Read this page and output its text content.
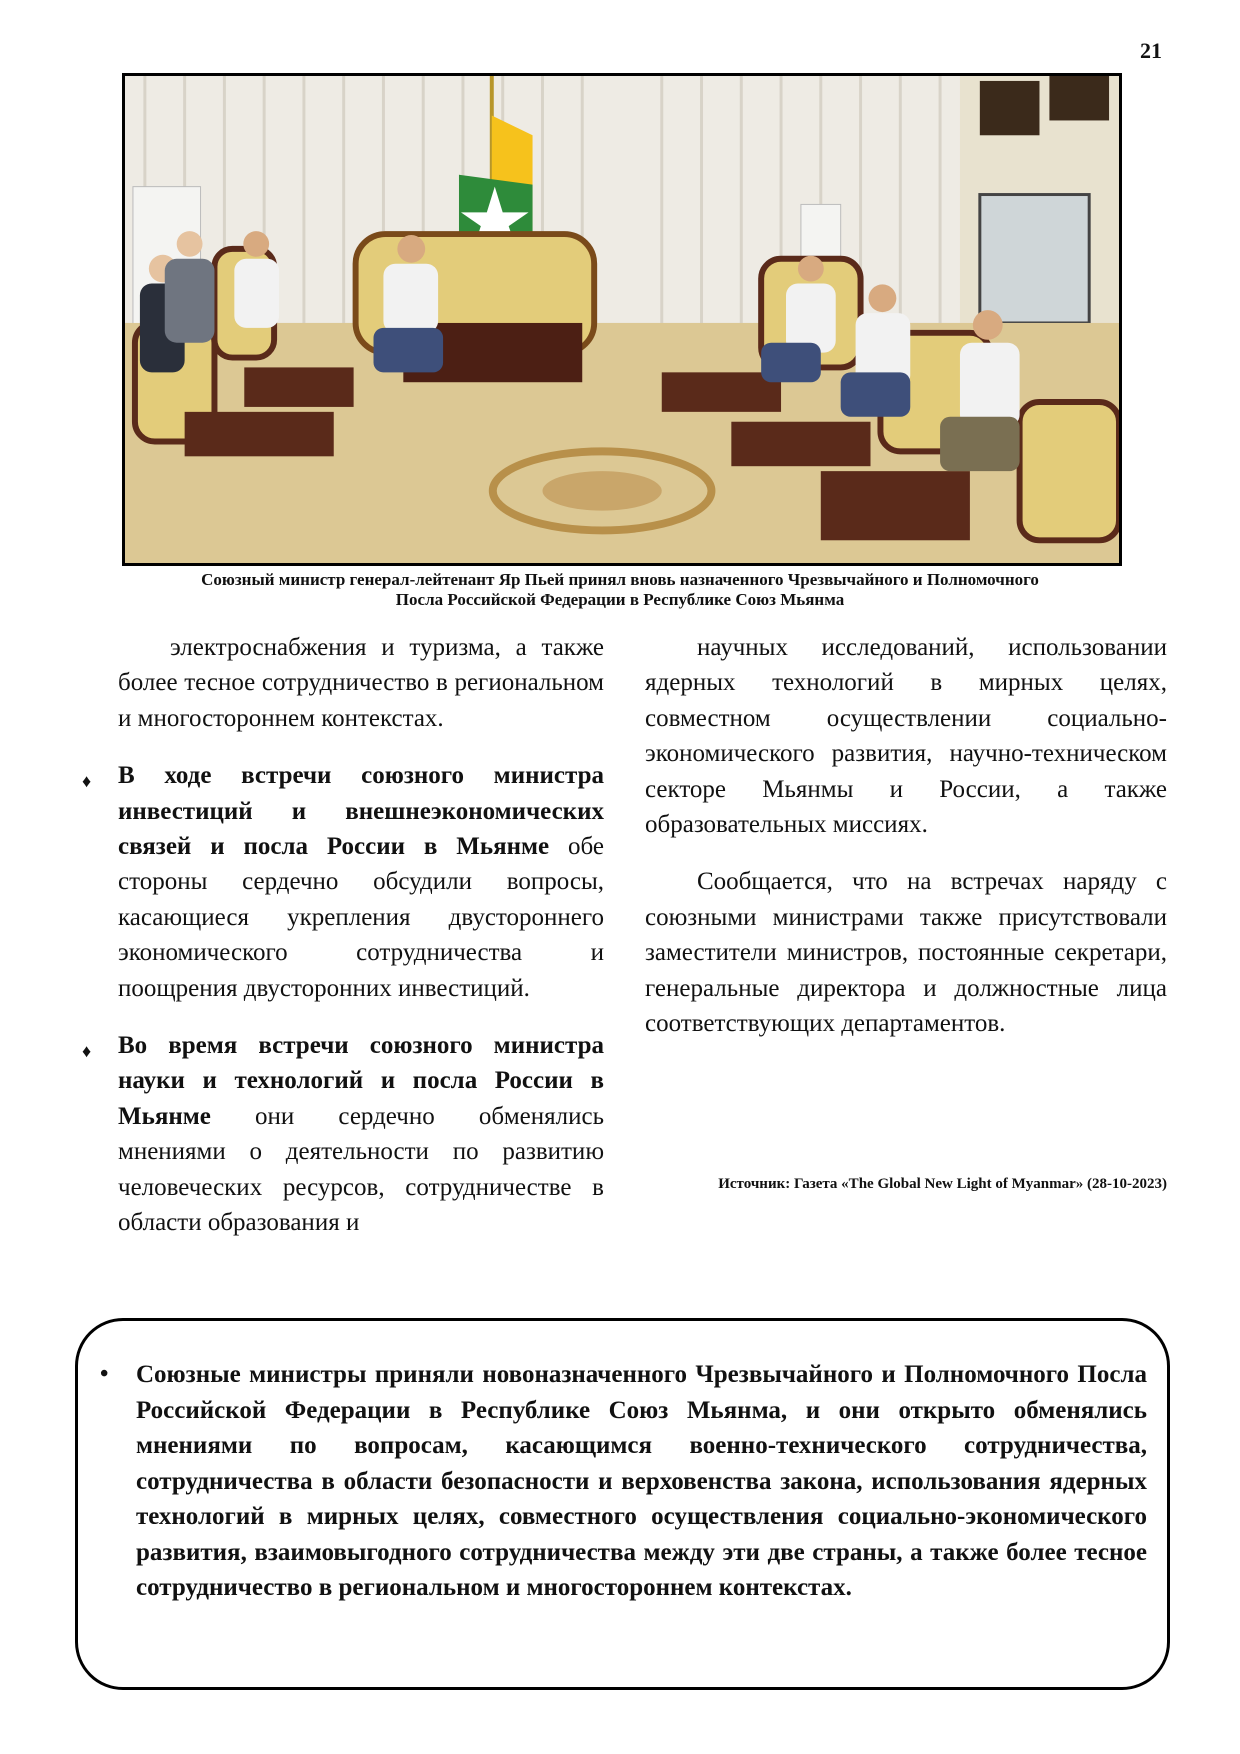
21
Союзный министр генерал-лейтенант Яр Пьей принял вновь назначенного Чрезвычайного и Полномочного
Посла Российской Федерации в Республике Союз Мьянма

электроснабжения и туризма, а также более тесное сотрудничество в региональном и многостороннем контекстах.

♦ В ходе встречи союзного министра инвестиций и внешнеэкономических связей и посла России в Мьянме обе стороны сердечно обсудили вопросы, касающиеся укрепления двустороннего экономического сотрудничества и поощрения двусторонних инвестиций.

♦ Во время встречи союзного министра науки и технологий и посла России в Мьянме они сердечно обменялись мнениями о деятельности по развитию человеческих ресурсов, сотрудничестве в области образования и

научных исследований, использовании ядерных технологий в мирных целях, совместном осуществлении социально-экономического развития, научно-техническом секторе Мьянмы и России, а также образовательных миссиях.

Сообщается, что на встречах наряду с союзными министрами также присутствовали заместители министров, постоянные секретари, генеральные директора и должностные лица соответствующих департаментов.

Источник: Газета «The Global New Light of Myanmar» (28-10-2023)
• Союзные министры приняли новоназначенного Чрезвычайного и Полномочного Посла Российской Федерации в Республике Союз Мьянма, и они открыто обменялись мнениями по вопросам, касающимся военно-технического сотрудничества, сотрудничества в области безопасности и верховенства закона, использования ядерных технологий в мирных целях, совместного осуществления социально-экономического развития, взаимовыгодного сотрудничества между эти две страны, а также более тесное сотрудничество в региональном и многостороннем контекстах.
